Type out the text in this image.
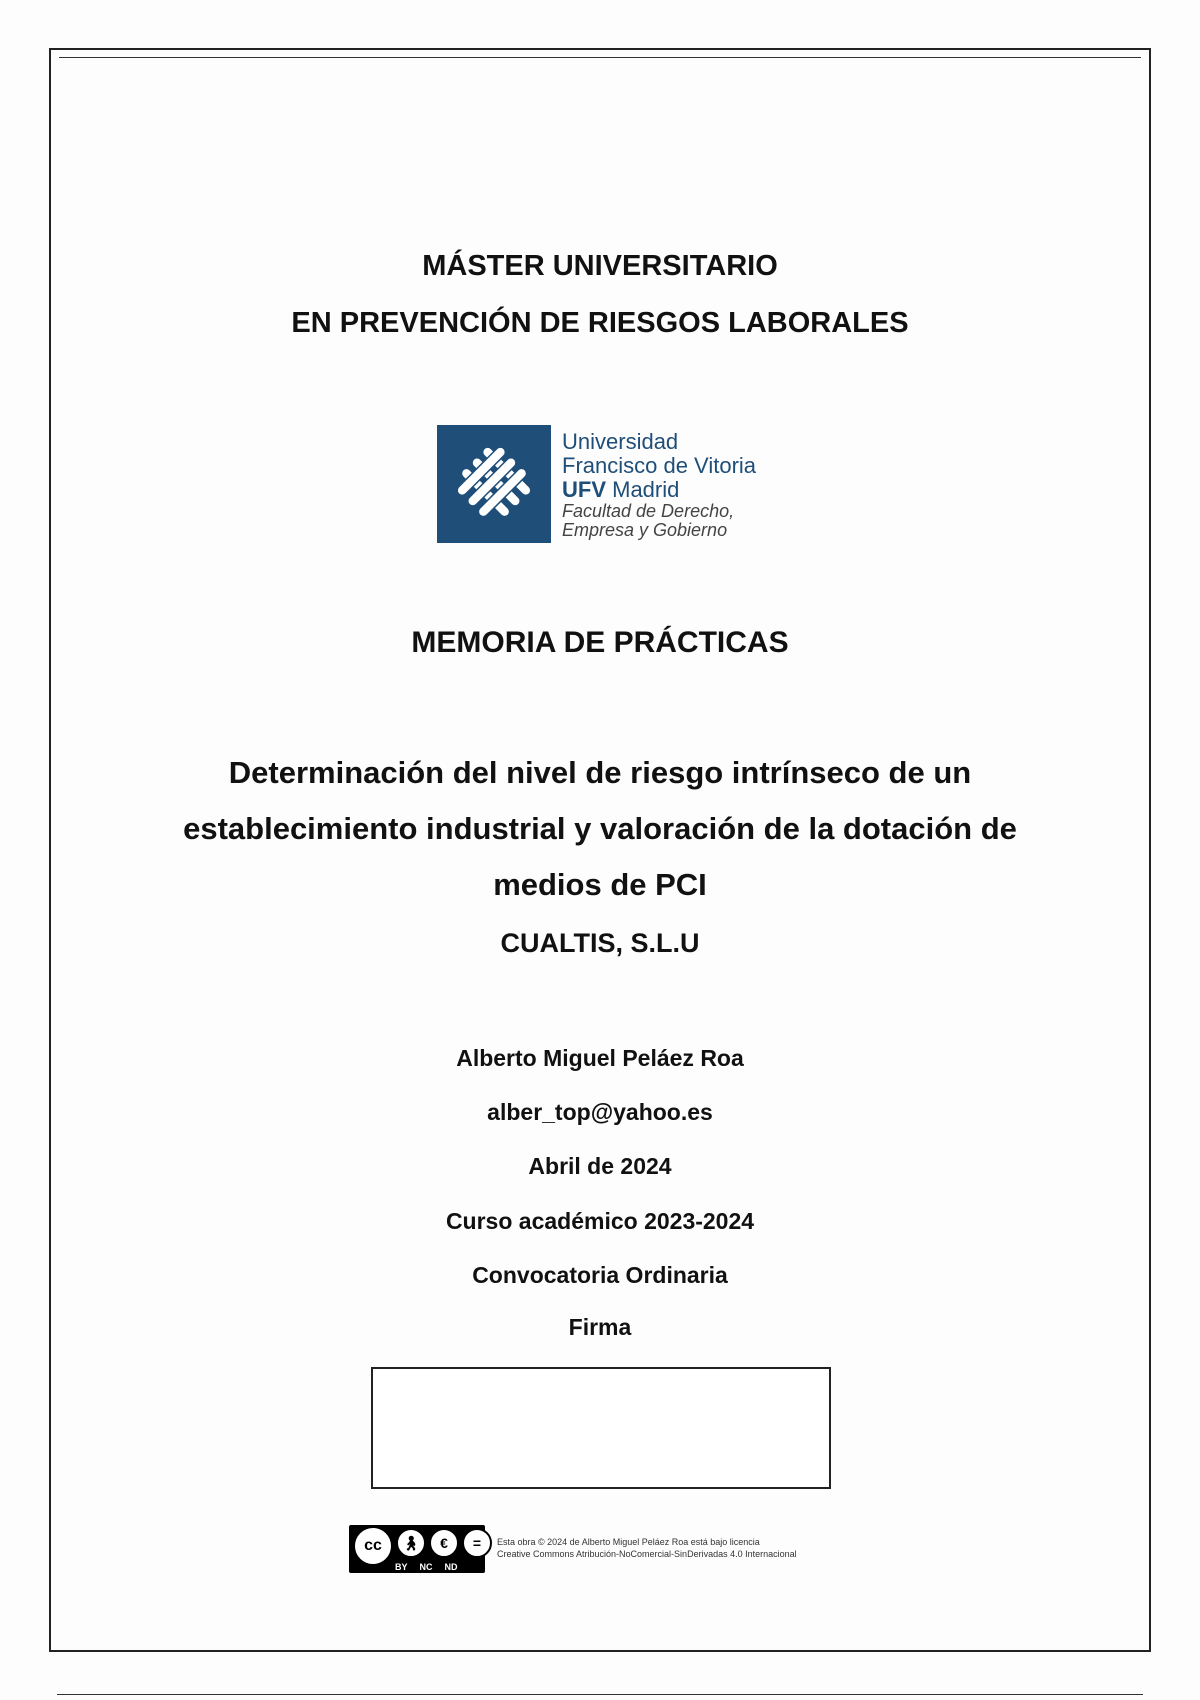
MÁSTER UNIVERSITARIO
EN PREVENCIÓN DE RIESGOS LABORALES
Universidad
Francisco de Vitoria
UFV Madrid
Facultad de Derecho,
Empresa y Gobierno
MEMORIA DE PRÁCTICAS
Determinación del nivel de riesgo intrínseco de un establecimiento industrial y valoración de la dotación de medios de PCI
CUALTIS, S.L.U
Alberto Miguel Peláez Roa
alber_top@yahoo.es
Abril de 2024
Curso académico 2023-2024
Convocatoria Ordinaria
Firma
cc	🚶︎	€	=
BY NC ND
Esta obra © 2024 de Alberto Miguel Peláez Roa está bajo licencia
Creative Commons Atribución-NoComercial-SinDerivadas 4.0 Internacional
